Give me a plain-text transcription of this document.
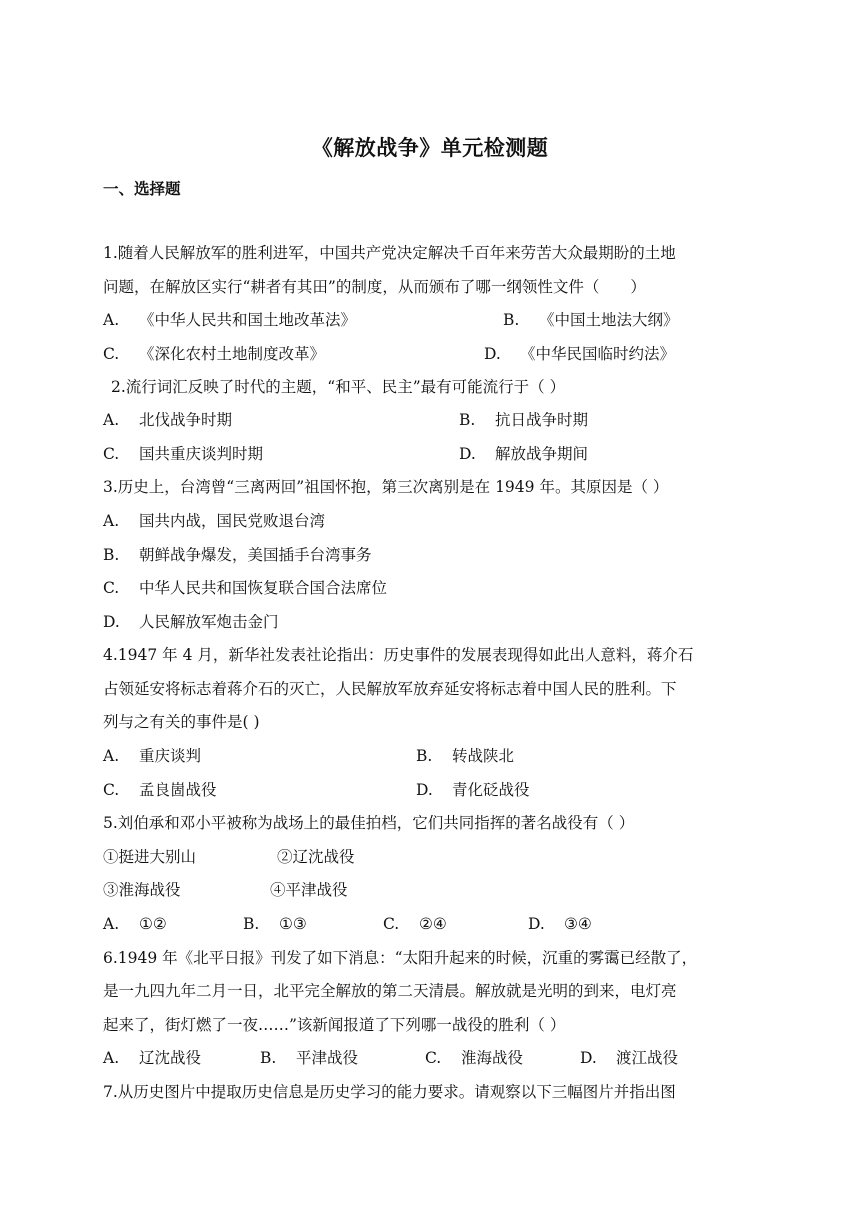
《解放战争》单元检测题
一、选择题
1.随着人民解放军的胜利进军，中国共产党决定解决千百年来劳苦大众最期盼的土地
问题，在解放区实行“耕者有其田”的制度，从而颁布了哪一纲领性文件（　　）
A. 《中华人民共和国土地改革法》	B. 《中国土地法大纲》
C. 《深化农村土地制度改革》	D. 《中华民国临时约法》
2.流行词汇反映了时代的主题，“和平、民主”最有可能流行于（ ）
A. 北伐战争时期	B. 抗日战争时期
C. 国共重庆谈判时期	D. 解放战争期间
3.历史上，台湾曾“三离两回”祖国怀抱，第三次离别是在 1949 年。其原因是（ ）
A. 国共内战，国民党败退台湾
B. 朝鲜战争爆发，美国插手台湾事务
C. 中华人民共和国恢复联合国合法席位
D. 人民解放军炮击金门
4.1947 年 4 月，新华社发表社论指出：历史事件的发展表现得如此出人意料，蒋介石
占领延安将标志着蒋介石的灭亡，人民解放军放弃延安将标志着中国人民的胜利。下
列与之有关的事件是( )
A. 重庆谈判	B. 转战陕北
C. 孟良崮战役	D. 青化砭战役
5.刘伯承和邓小平被称为战场上的最佳拍档，它们共同指挥的著名战役有（ ）
①挺进大别山	②辽沈战役
③淮海战役	④平津战役
A. ①②	B. ①③	C. ②④	D. ③④
6.1949 年《北平日报》刊发了如下消息：“太阳升起来的时候，沉重的雾霭已经散了，
是一九四九年二月一日，北平完全解放的第二天清晨。解放就是光明的到来，电灯亮
起来了，街灯燃了一夜……”该新闻报道了下列哪一战役的胜利（ ）
A. 辽沈战役	B. 平津战役	C. 淮海战役	D. 渡江战役
7.从历史图片中提取历史信息是历史学习的能力要求。请观察以下三幅图片并指出图
